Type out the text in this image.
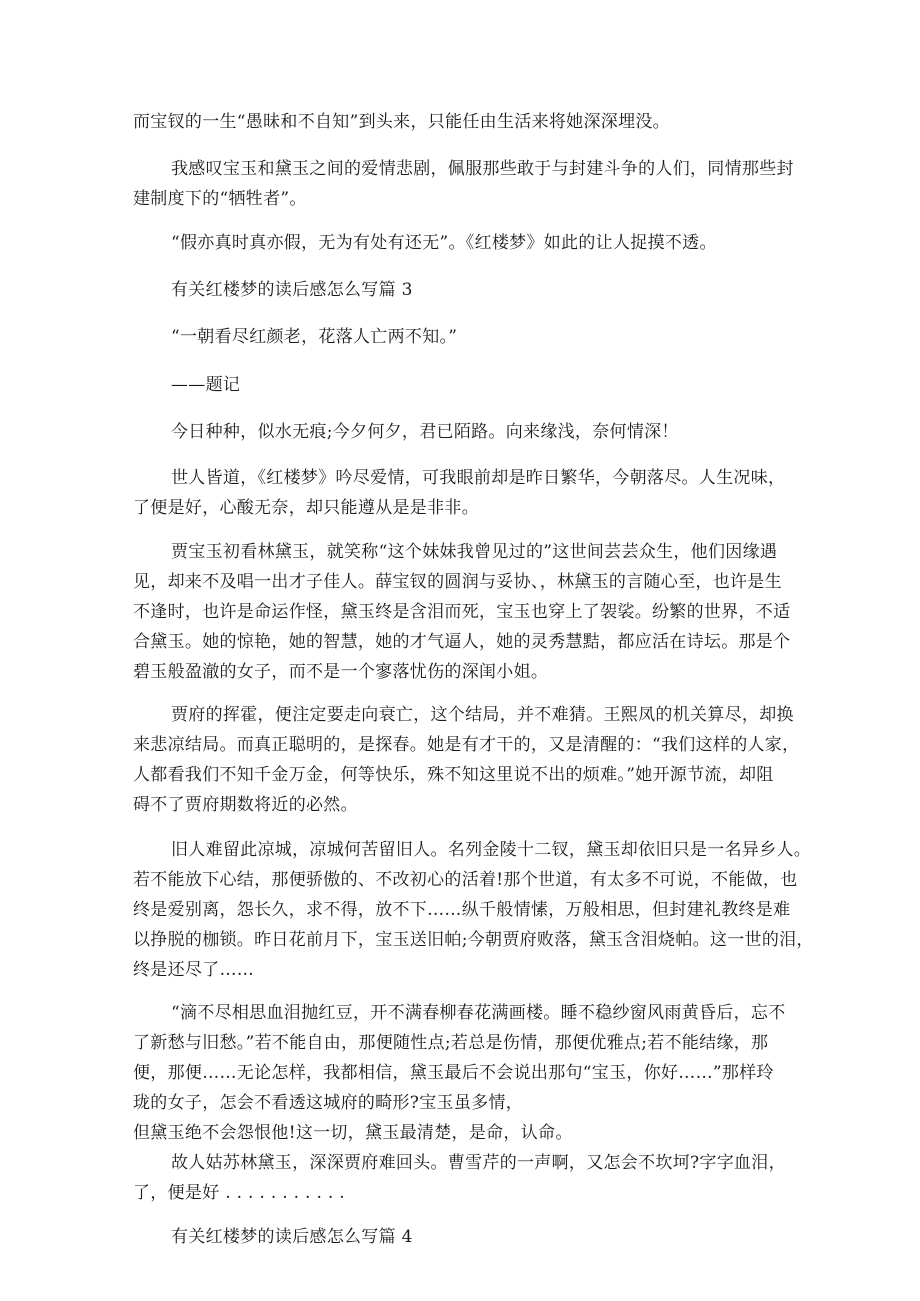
而宝钗的一生“愚昧和不自知”到头来，只能任由生活来将她深深埋没。

我感叹宝玉和黛玉之间的爱情悲剧，佩服那些敢于与封建斗争的人们，同情那些封
建制度下的“牺牲者”。

“假亦真时真亦假，无为有处有还无”。《红楼梦》如此的让人捉摸不透。

有关红楼梦的读后感怎么写篇 3

“一朝看尽红颜老，花落人亡两不知。”

——题记

今日种种，似水无痕;今夕何夕，君已陌路。向来缘浅，奈何情深！

世人皆道，《红楼梦》吟尽爱情，可我眼前却是昨日繁华，今朝落尽。人生况味，
了便是好，心酸无奈，却只能遵从是是非非。

贾宝玉初看林黛玉，就笑称“这个妹妹我曾见过的”这世间芸芸众生，他们因缘遇
见，却来不及唱一出才子佳人。薛宝钗的圆润与妥协、，林黛玉的言随心至，也许是生
不逢时，也许是命运作怪，黛玉终是含泪而死，宝玉也穿上了袈裟。纷繁的世界，不适
合黛玉。她的惊艳，她的智慧，她的才气逼人，她的灵秀慧黠，都应活在诗坛。那是个
碧玉般盈澈的女子，而不是一个寥落忧伤的深闺小姐。

贾府的挥霍，便注定要走向衰亡，这个结局，并不难猜。王熙凤的机关算尽，却换
来悲凉结局。而真正聪明的，是探春。她是有才干的，又是清醒的：“我们这样的人家，
人都看我们不知千金万金，何等快乐，殊不知这里说不出的烦难。”她开源节流，却阻
碍不了贾府期数将近的必然。

旧人难留此凉城，凉城何苦留旧人。名列金陵十二钗，黛玉却依旧只是一名异乡人。
若不能放下心结，那便骄傲的、不改初心的活着!那个世道，有太多不可说，不能做，也
终是爱别离，怨长久，求不得，放不下……纵千般情愫，万般相思，但封建礼教终是难
以挣脱的枷锁。昨日花前月下，宝玉送旧帕;今朝贾府败落，黛玉含泪烧帕。这一世的泪，
终是还尽了……

“滴不尽相思血泪抛红豆，开不满春柳春花满画楼。睡不稳纱窗风雨黄昏后，忘不
了新愁与旧愁。”若不能自由，那便随性点;若总是伤情，那便优雅点;若不能结缘，那
便，那便……无论怎样，我都相信，黛玉最后不会说出那句“宝玉，你好……”那样玲
珑的女子，怎会不看透这城府的畸形?宝玉虽多情，
但黛玉绝不会怨恨他!这一切，黛玉最清楚，是命，认命。

故人姑苏林黛玉，深深贾府难回头。曹雪芹的一声啊，又怎会不坎坷?字字血泪，
了，便是好 . . . . . . . . . . .

有关红楼梦的读后感怎么写篇 4
